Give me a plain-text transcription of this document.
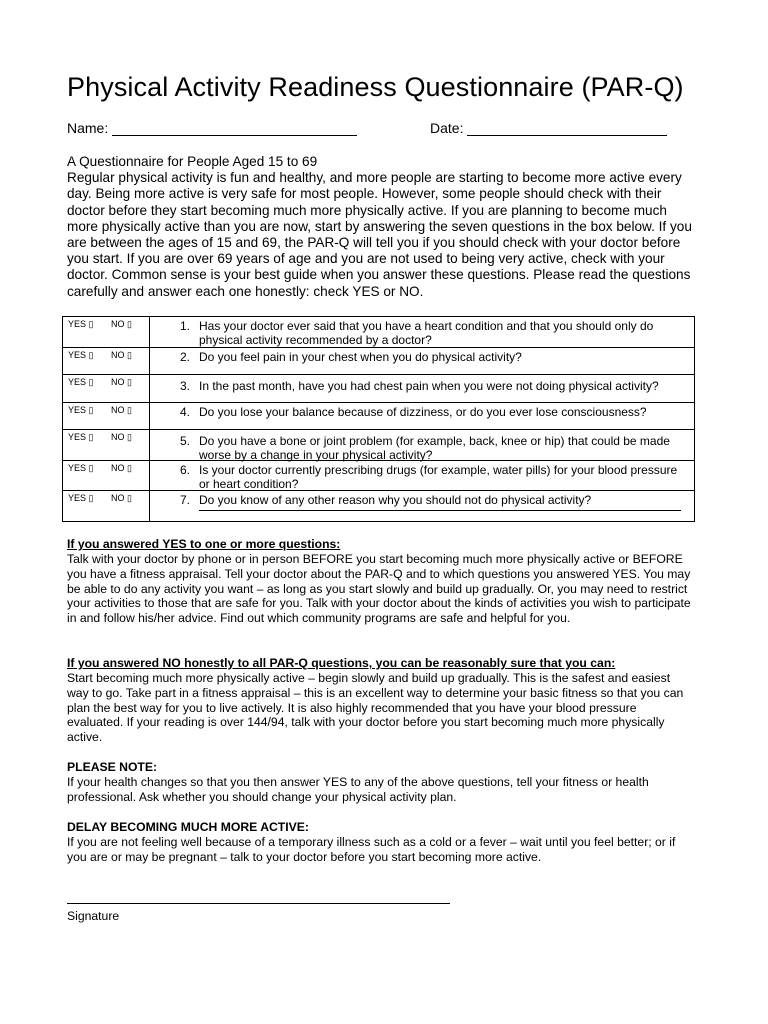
Physical Activity Readiness Questionnaire (PAR-Q)
Name:	Date:
A Questionnaire for People Aged 15 to 69
Regular physical activity is fun and healthy, and more people are starting to become more active every day. Being more active is very safe for most people. However, some people should check with their doctor before they start becoming much more physically active. If you are planning to become much more physically active than you are now, start by answering the seven questions in the box below. If you are between the ages of 15 and 69, the PAR-Q will tell you if you should check with your doctor before you start. If you are over 69 years of age and you are not used to being very active, check with your doctor. Common sense is your best guide when you answer these questions. Please read the questions carefully and answer each one honestly: check YES or NO.
YES ▯ NO ▯	1. Has your doctor ever said that you have a heart condition and that you should only do physical activity recommended by a doctor?
YES ▯ NO ▯	2. Do you feel pain in your chest when you do physical activity?
YES ▯ NO ▯	3. In the past month, have you had chest pain when you were not doing physical activity?
YES ▯ NO ▯	4. Do you lose your balance because of dizziness, or do you ever lose consciousness?
YES ▯ NO ▯	5. Do you have a bone or joint problem (for example, back, knee or hip) that could be made worse by a change in your physical activity?
YES ▯ NO ▯	6. Is your doctor currently prescribing drugs (for example, water pills) for your blood pressure or heart condition?
YES ▯ NO ▯	7. Do you know of any other reason why you should not do physical activity?
If you answered YES to one or more questions:
Talk with your doctor by phone or in person BEFORE you start becoming much more physically active or BEFORE you have a fitness appraisal. Tell your doctor about the PAR-Q and to which questions you answered YES. You may be able to do any activity you want – as long as you start slowly and build up gradually. Or, you may need to restrict your activities to those that are safe for you. Talk with your doctor about the kinds of activities you wish to participate in and follow his/her advice. Find out which community programs are safe and helpful for you.
If you answered NO honestly to all PAR-Q questions, you can be reasonably sure that you can:
Start becoming much more physically active – begin slowly and build up gradually. This is the safest and easiest way to go. Take part in a fitness appraisal – this is an excellent way to determine your basic fitness so that you can plan the best way for you to live actively. It is also highly recommended that you have your blood pressure evaluated. If your reading is over 144/94, talk with your doctor before you start becoming much more physically active.
PLEASE NOTE:
If your health changes so that you then answer YES to any of the above questions, tell your fitness or health professional. Ask whether you should change your physical activity plan.
DELAY BECOMING MUCH MORE ACTIVE:
If you are not feeling well because of a temporary illness such as a cold or a fever – wait until you feel better; or if you are or may be pregnant – talk to your doctor before you start becoming more active.
Signature
